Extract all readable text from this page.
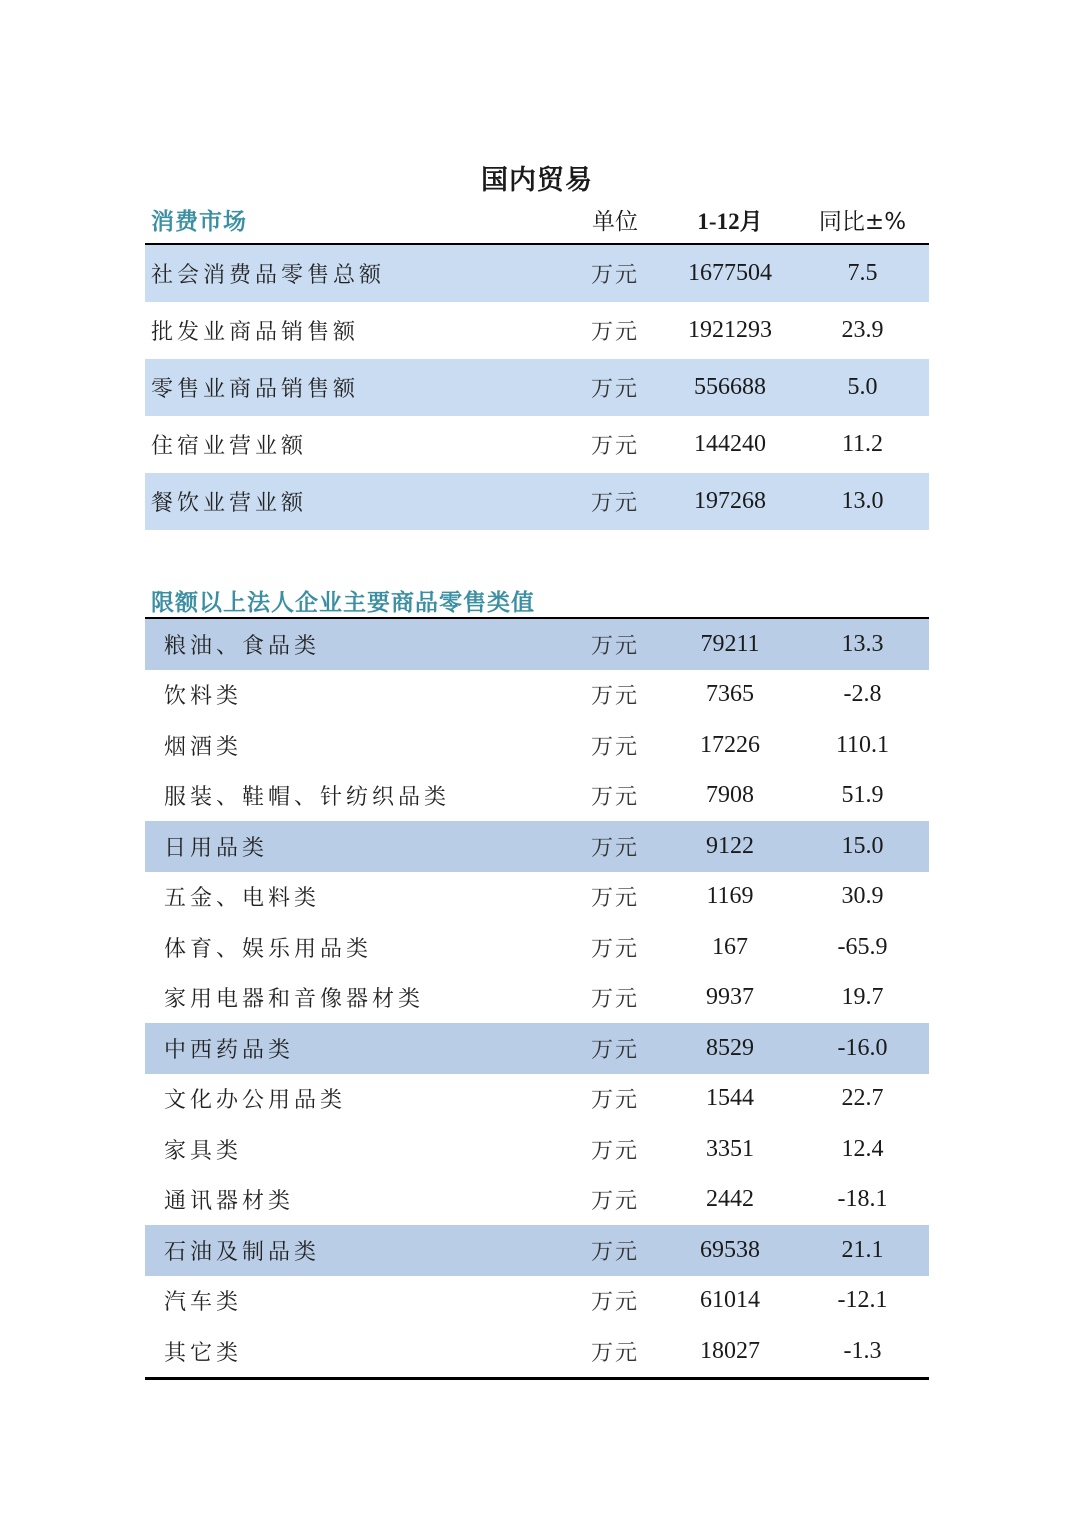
国内贸易
消费市场	单位	1-12月	同比±%
社会消费品零售总额	万元	1677504	7.5
批发业商品销售额	万元	1921293	23.9
零售业商品销售额	万元	556688	5.0
住宿业营业额	万元	144240	11.2
餐饮业营业额	万元	197268	13.0
限额以上法人企业主要商品零售类值
粮油、食品类	万元	79211	13.3
饮料类	万元	7365	-2.8
烟酒类	万元	17226	110.1
服装、鞋帽、针纺织品类	万元	7908	51.9
日用品类	万元	9122	15.0
五金、电料类	万元	1169	30.9
体育、娱乐用品类	万元	167	-65.9
家用电器和音像器材类	万元	9937	19.7
中西药品类	万元	8529	-16.0
文化办公用品类	万元	1544	22.7
家具类	万元	3351	12.4
通讯器材类	万元	2442	-18.1
石油及制品类	万元	69538	21.1
汽车类	万元	61014	-12.1
其它类	万元	18027	-1.3
